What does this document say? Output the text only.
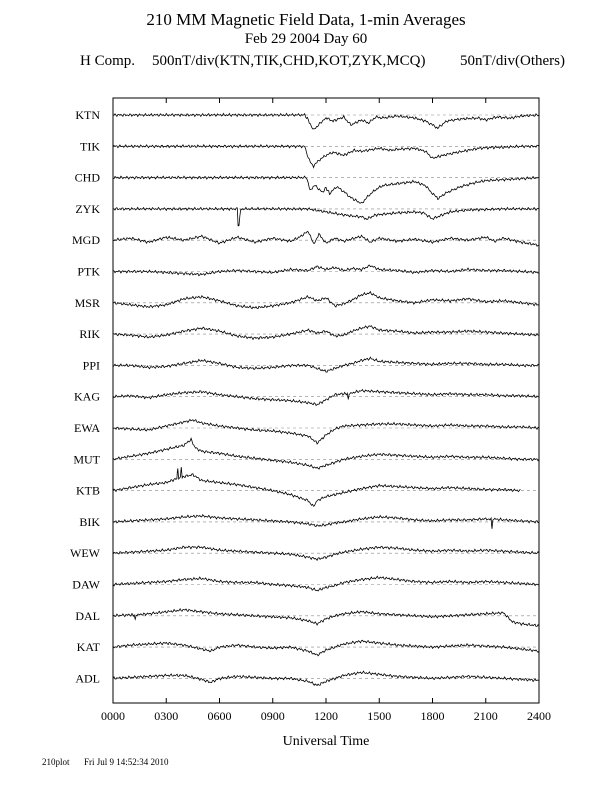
210 MM Magnetic Field Data, 1-min Averages
Feb 29 2004 Day 60
H Comp. 500nT/div(KTN,TIK,CHD,KOT,ZYK,MCQ) 50nT/div(Others)
0000 0300 0600 0900 1200 1500 1800 2100 2400
KTN
TIK
CHD
ZYK
MGD
PTK
MSR
RIK
PPI
KAG
EWA
MUT
KTB
BIK
WEW
DAW
DAL
KAT
ADL
Universal Time
210plot Fri Jul 9 14:52:34 2010
